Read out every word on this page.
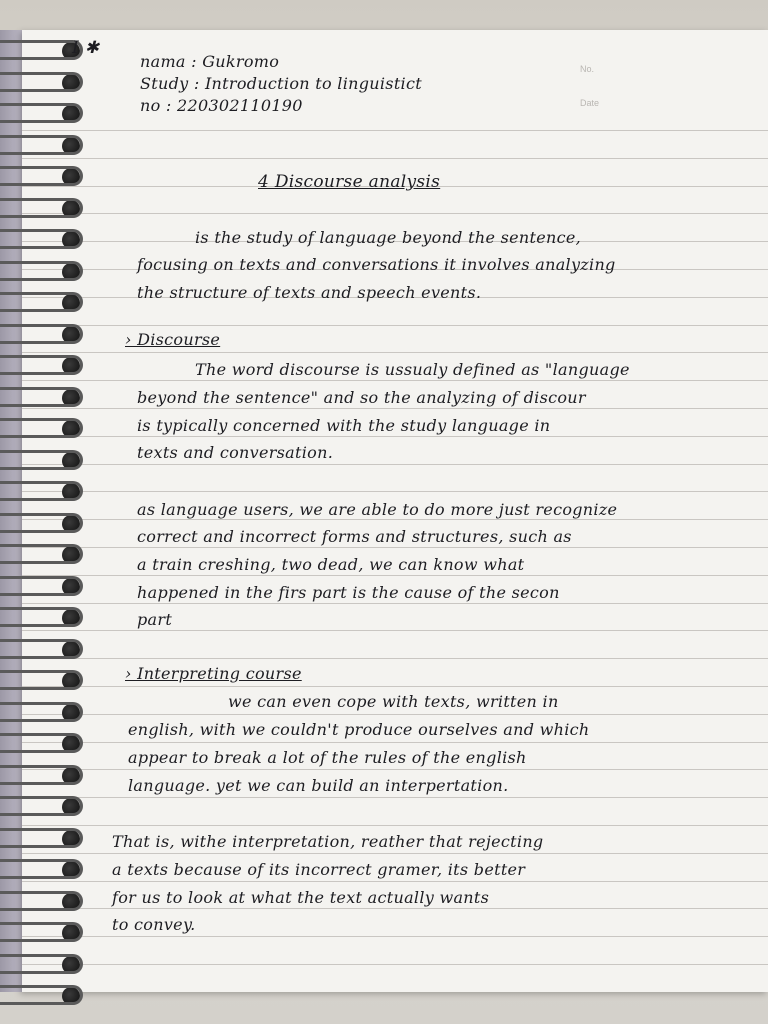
No.
Date
I ✱
nama : Gukromo
Study : Introduction to linguistict
no : 220302110190
4 Discourse analysis
is the study of language beyond the sentence,
focusing on texts and conversations it involves analyzing
the structure of texts and speech events.
› Discourse
The word discourse is ussualy defined as "language
beyond the sentence" and so the analyzing of discour
is typically concerned with the study language in
texts and conversation.
as language users, we are able to do more just recognize
correct and incorrect forms and structures, such as
a train creshing, two dead, we can know what
happened in the firs part is the cause of the secon
part
› Interpreting course
we can even cope with texts, written in
english, with we couldn't produce ourselves and which
appear to break a lot of the rules of the english
language. yet we can build an interpertation.
That is, withe interpretation, reather that rejecting
a texts because of its incorrect gramer, its better
for us to look at what the text actually wants
to convey.
